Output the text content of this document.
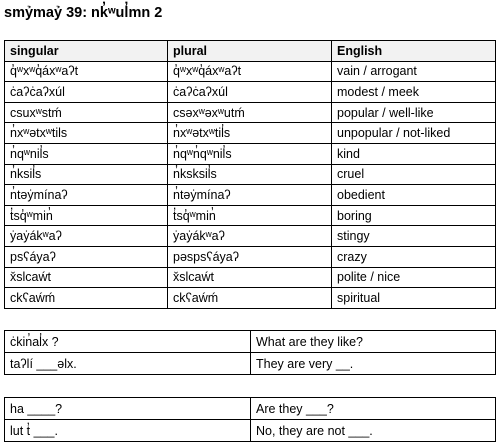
smỷmaỷ 39: nk̓ʷul̓mn 2
singular	plural	English
q̓ʷxʷq̓áxʷaʔt	q̓ʷxʷq̓áxʷaʔt	vain / arrogant
ċaʔċaʔxúl	ċaʔċaʔxúl	modest / meek
csuxʷstḿ	csəxʷəxʷutḿ	popular / well-like
n̓xʷətxʷtils	n̓xʷətxʷtil̓s	unpopular / not-liked
n̓qʷnil̓s	n̓qʷn̓qʷnil̓s	kind
n̓ksil̓s	n̓ksksil̓s	cruel
n̓təẏmínaʔ	n̓təẏmínaʔ	obedient
t̓sq̓ʷmin̓	t̓sq̓ʷmin̓	boring
ẏaẏákʷaʔ	ẏaẏákʷaʔ	stingy
psʕáyaʔ	pəspsʕáyaʔ	crazy
x̌slcaẃt	x̌slcaẃt	polite / nice
ckʕaẃḿ	ckʕaẃḿ	spiritual
ċkin̓al̓x ?	What are they like?
taʔlí ___əlx.	They are very __.
ha ____?	Are they ___?
lut t̓ ___.	No, they are not ___.
